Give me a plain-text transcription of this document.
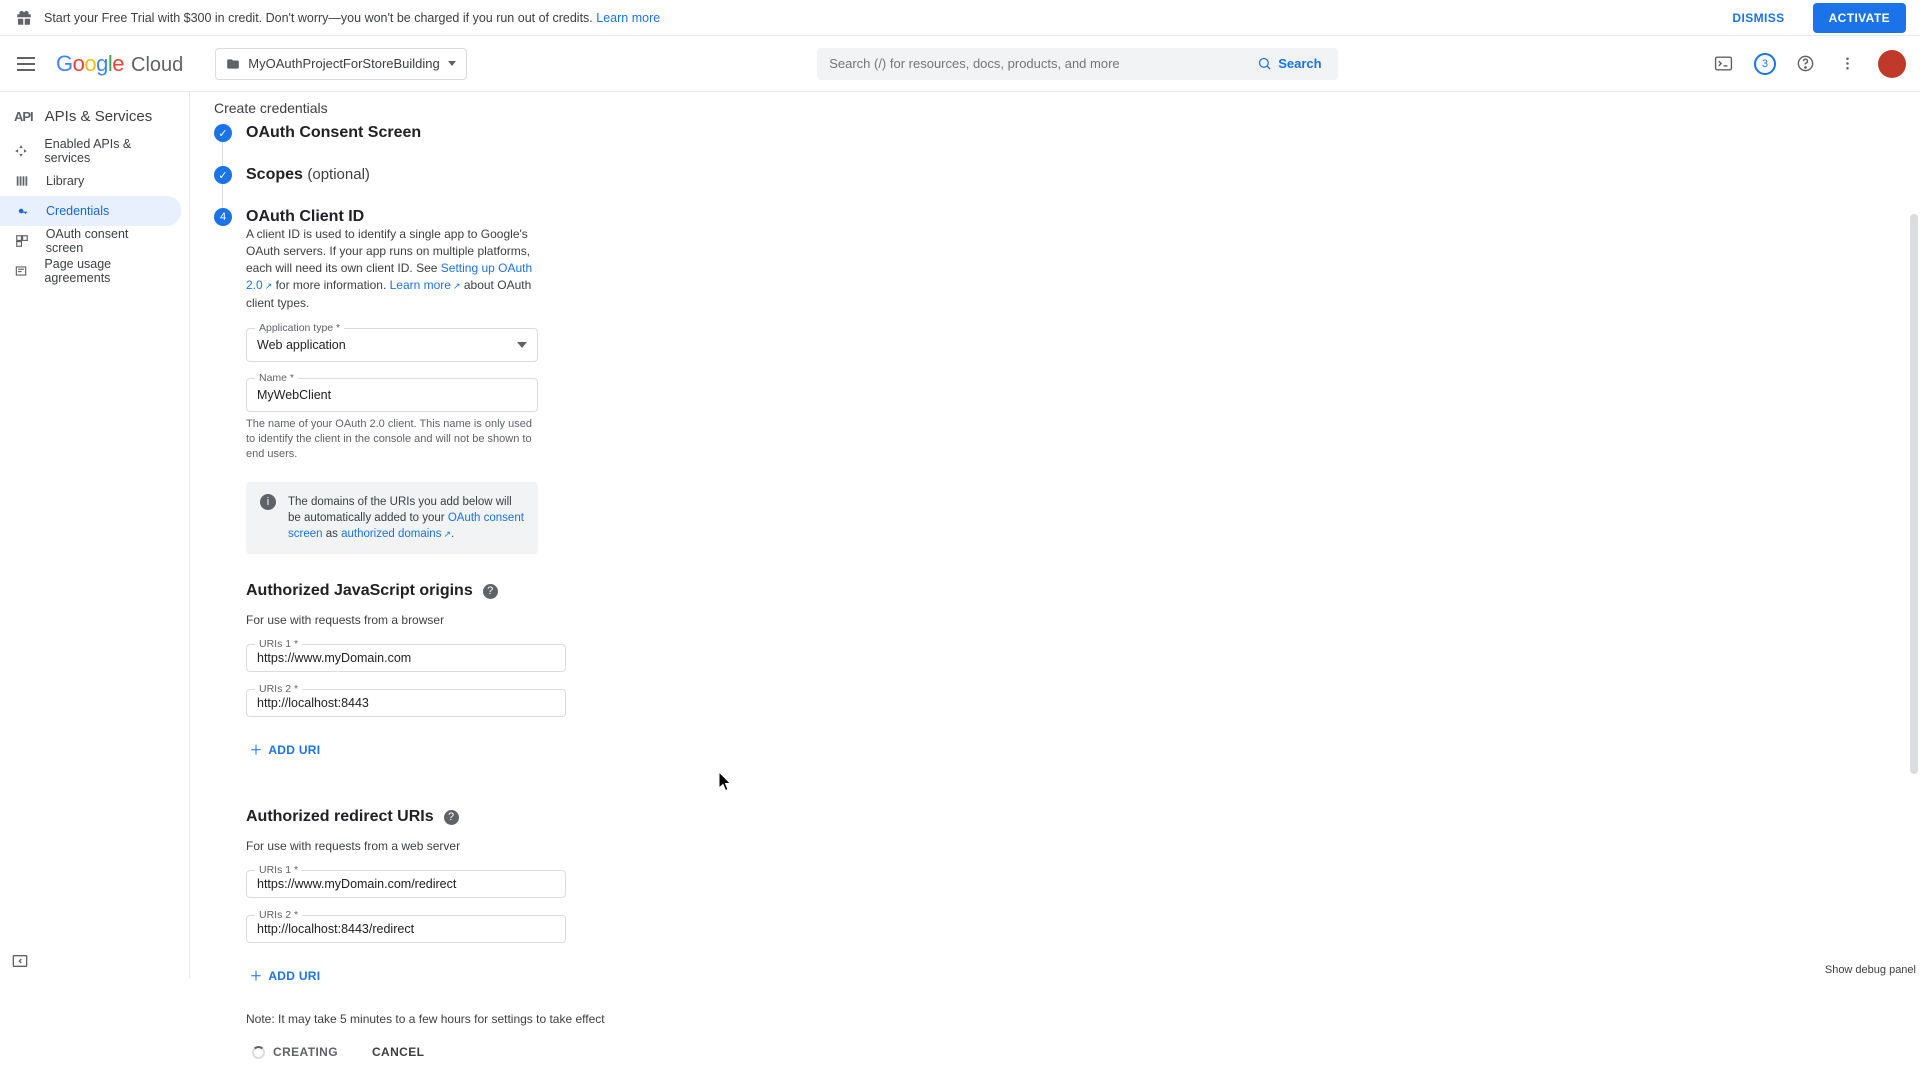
Start your Free Trial with $300 in credit. Don't worry—you won't be charged if you run out of credits. Learn more	DISMISS	ACTIVATE
Google Cloud	MyOAuthProjectForStoreBuilding
Search (/) for resources, docs, products, and more	Search	3
API APIs & Services
Enabled APIs & services
Library
Credentials
OAuth consent screen
Page usage agreements
Create credentials
✓ OAuth Consent Screen
✓ Scopes (optional)
4	OAuth Client ID
A client ID is used to identify a single app to Google's OAuth servers. If your app runs on multiple platforms, each will need its own client ID. See Setting up OAuth 2.0 ↗ for more information. Learn more ↗ about OAuth client types.
Application type *
Web application
Name *
MyWebClient
The name of your OAuth 2.0 client. This name is only used to identify the client in the console and will not be shown to end users.
i	The domains of the URIs you add below will be automatically added to your OAuth consent screen as authorized domains ↗ .
Authorized JavaScript origins	?
For use with requests from a browser
URIs 1 *
https://www.myDomain.com
URIs 2 *
http://localhost:8443
＋ ADD URI
Authorized redirect URIs	?
For use with requests from a web server
URIs 1 *
https://www.myDomain.com/redirect
URIs 2 *
http://localhost:8443/redirect
＋ ADD URI
Note: It may take 5 minutes to a few hours for settings to take effect
CREATING	CANCEL
Show debug panel
